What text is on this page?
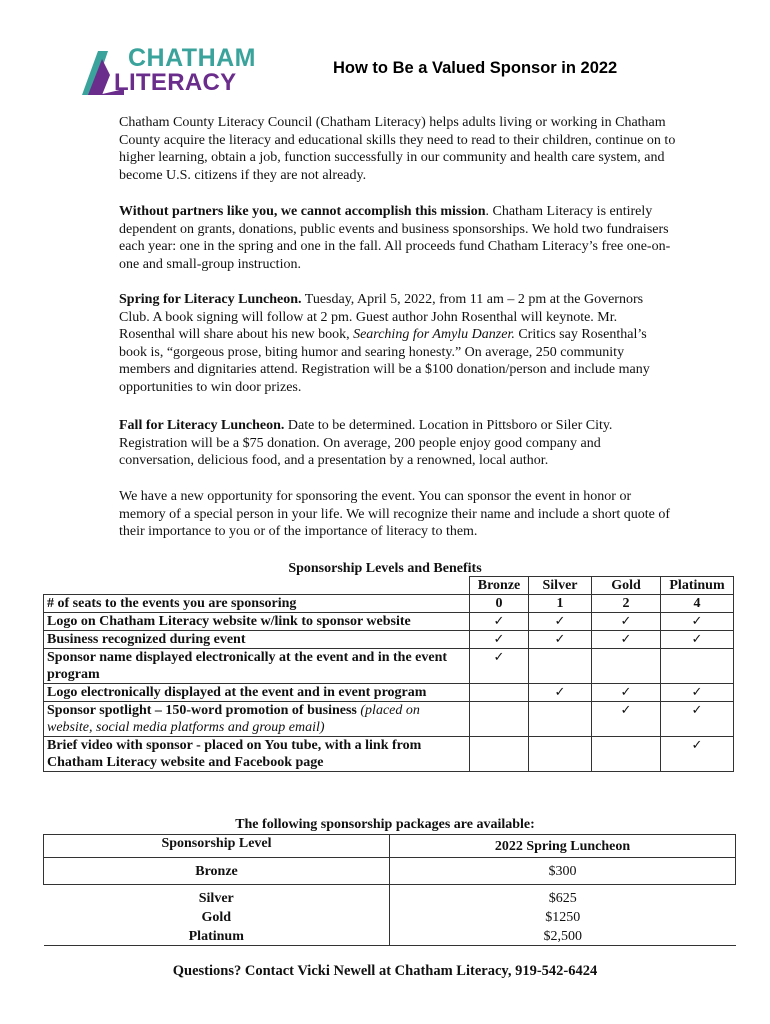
CHATHAM
LITERACY
How to Be a Valued Sponsor in 2022

Chatham County Literacy Council (Chatham Literacy) helps adults living or working in Chatham County acquire the literacy and educational skills they need to read to their children, continue on to higher learning, obtain a job, function successfully in our community and health care system, and become U.S. citizens if they are not already.

Without partners like you, we cannot accomplish this mission. Chatham Literacy is entirely dependent on grants, donations, public events and business sponsorships. We hold two fundraisers each year: one in the spring and one in the fall. All proceeds fund Chatham Literacy’s free one-on-one and small-group instruction.

Spring for Literacy Luncheon. Tuesday, April 5, 2022, from 11 am – 2 pm at the Governors Club. A book signing will follow at 2 pm. Guest author John Rosenthal will keynote. Mr. Rosenthal will share about his new book, Searching for Amylu Danzer. Critics say Rosenthal’s book is, “gorgeous prose, biting humor and searing honesty.” On average, 250 community members and dignitaries attend. Registration will be a $100 donation/person and include many opportunities to win door prizes.

Fall for Literacy Luncheon. Date to be determined. Location in Pittsboro or Siler City. Registration will be a $75 donation. On average, 200 people enjoy good company and conversation, delicious food, and a presentation by a renowned, local author.

We have a new opportunity for sponsoring the event. You can sponsor the event in honor or memory of a special person in your life. We will recognize their name and include a short quote of their importance to you or of the importance of literacy to them.

Sponsorship Levels and Benefits
	Bronze	Silver	Gold	Platinum
# of seats to the events you are sponsoring	0	1	2	4
Logo on Chatham Literacy website w/link to sponsor website	✓	✓	✓	✓
Business recognized during event	✓	✓	✓	✓
Sponsor name displayed electronically at the event and in the event program	✓			
Logo electronically displayed at the event and in event program		✓	✓	✓
Sponsor spotlight – 150-word promotion of business (placed on website, social media platforms and group email)			✓	✓
Brief video with sponsor - placed on You tube, with a link from Chatham Literacy website and Facebook page				✓
The following sponsorship packages are available:
Sponsorship Level	2022 Spring Luncheon
Bronze	$300
Silver	$625
Gold	$1250
Platinum	$2,500
Questions? Contact Vicki Newell at Chatham Literacy, 919-542-6424
